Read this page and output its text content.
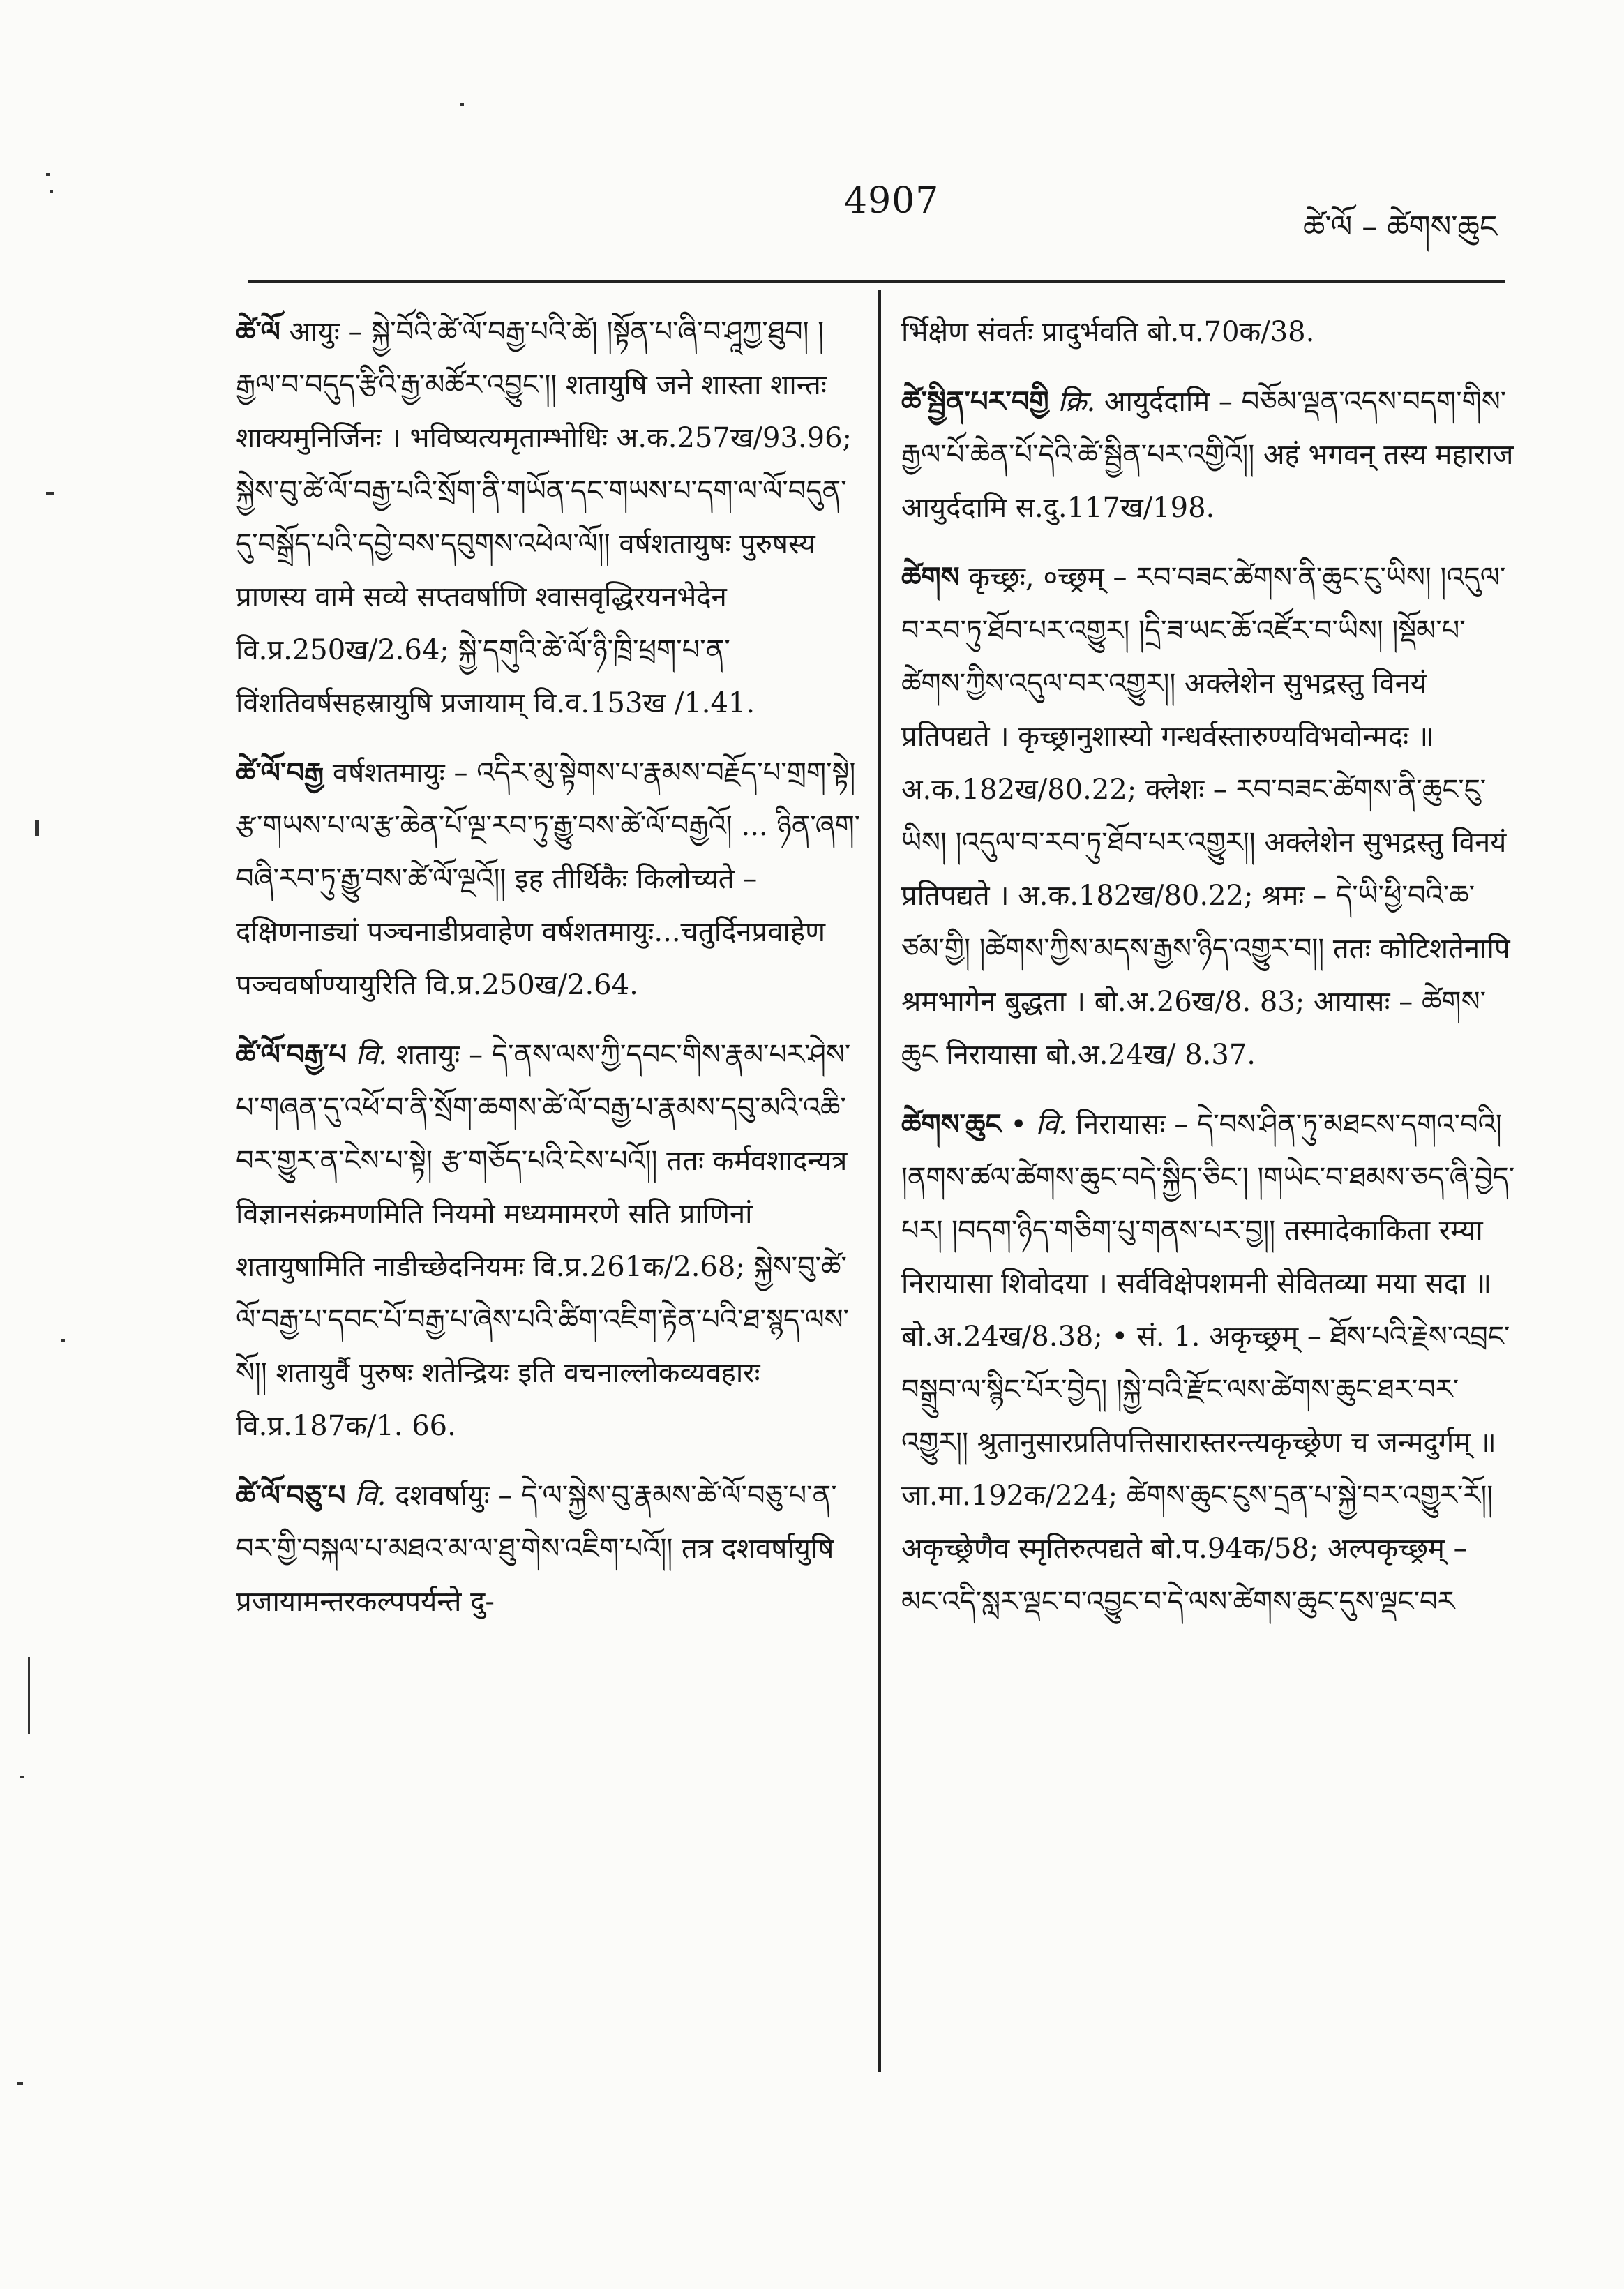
4907
ཚེ་ལོ – ཚེགས་ཆུང

ཚེ་ལོ आयुः – སྐྱེ་བོའི་ཚེ་ལོ་བརྒྱ་པའི་ཚེ། །སྟོན་པ་ཞི་བ་ཤཱཀྱ་ཐུབ། །རྒྱལ་བ་བདུད་རྩིའི་རྒྱ་མཚོར་འབྱུང་།། शतायुषि जने शास्ता शान्तः शाक्यमुनिर्जिनः । भविष्यत्यमृताम्भोधिः अ.क.257ख/93.96; སྐྱེས་བུ་ཚེ་ལོ་བརྒྱ་པའི་སྲོག་ནི་གཡོན་དང་གཡས་པ་དག་ལ་ལོ་བདུན་དུ་བསྒྲོད་པའི་དབྱེ་བས་དབུགས་འཕེལ་ལོ།། वर्षशतायुषः पुरुषस्य प्राणस्य वामे सव्ये सप्तवर्षाणि श्वासवृद्धिरयनभेदेन वि.प्र.250ख/2.64; སྐྱེ་དགུའི་ཚེ་ལོ་ཉི་ཁྲི་ཕྲག་པ་ན་ विंशतिवर्षसहस्रायुषि प्रजायाम् वि.व.153ख /1.41.

ཚེ་ལོ་བརྒྱ वर्षशतमायुः – འདིར་མུ་སྟེགས་པ་རྣམས་བརྗོད་པ་གྲག་སྟེ། རྩ་གཡས་པ་ལ་རྩ་ཆེན་པོ་ལྔ་རབ་ཏུ་རྒྱུ་བས་ཚེ་ལོ་བརྒྱའོ། ... ཉིན་ཞག་བཞི་རབ་ཏུ་རྒྱུ་བས་ཚེ་ལོ་ལྔའོ།། इह तीर्थिकैः किलोच्यते – दक्षिणनाड्यां पञ्चनाडीप्रवाहेण वर्षशतमायुः...चतुर्दिनप्रवाहेण पञ्चवर्षाण्यायुरिति वि.प्र.250ख/2.64.

ཚེ་ལོ་བརྒྱ་པ वि. शतायुः – དེ་ནས་ལས་ཀྱི་དབང་གིས་རྣམ་པར་ཤེས་པ་གཞན་དུ་འཕོ་བ་ནི་སྲོག་ཆགས་ཚེ་ལོ་བརྒྱ་པ་རྣམས་དབུ་མའི་འཆི་བར་གྱུར་ན་ངེས་པ་སྟེ། རྩ་གཅོད་པའི་ངེས་པའོ།། ततः कर्मवशादन्यत्र विज्ञानसंक्रमणमिति नियमो मध्यमामरणे सति प्राणिनां शतायुषामिति नाडीच्छेदनियमः वि.प्र.261क/2.68; སྐྱེས་བུ་ཚེ་ལོ་བརྒྱ་པ་དབང་པོ་བརྒྱ་པ་ཞེས་པའི་ཚིག་འཇིག་རྟེན་པའི་ཐ་སྙད་ལས་སོ།། शतायुर्वै पुरुषः शतेन्द्रियः इति वचनाल्लोकव्यवहारः वि.प्र.187क/1. 66.

ཚེ་ལོ་བཅུ་པ वि. दशवर्षायुः – དེ་ལ་སྐྱེས་བུ་རྣམས་ཚེ་ལོ་བཅུ་པ་ན་བར་གྱི་བསྐལ་པ་མཐའ་མ་ལ་ཐུ་གེས་འཇིག་པའོ།། तत्र दशवर्षायुषि प्रजायामन्तरकल्पपर्यन्ते दु-

र्भिक्षेण संवर्तः प्रादुर्भवति बो.प.70क/38.

ཚེ་སྦྱིན་པར་བགྱི क्रि. आयुर्ददामि – བཅོམ་ལྡན་འདས་བདག་གིས་རྒྱལ་པོ་ཆེན་པོ་དེའི་ཚེ་སྦྱིན་པར་འགྱིའོ།། अहं भगवन् तस्य महाराज आयुर्ददामि स.दु.117ख/198.

ཚེགས कृच्छ्रः, ०च्छ्रम् – རབ་བཟང་ཚེགས་ནི་ཆུང་ངུ་ཡིས། །འདུལ་བ་རབ་ཏུ་ཐོབ་པར་འགྱུར། །དྲི་ཟ་ཡང་ཆོ་འཛོར་བ་ཡིས། །སྡོམ་པ་ཚེགས་ཀྱིས་འདུལ་བར་འགྱུར།། अक्लेशेन सुभद्रस्तु विनयं प्रतिपद्यते । कृच्छ्रानुशास्यो गन्धर्वस्तारुण्यविभवोन्मदः ॥ अ.क.182ख/80.22; क्लेशः – རབ་བཟང་ཚེགས་ནི་ཆུང་ངུ་ཡིས། །འདུལ་བ་རབ་ཏུ་ཐོབ་པར་འགྱུར།། अक्लेशेन सुभद्रस्तु विनयं प्रतिपद्यते । अ.क.182ख/80.22; श्रमः – དེ་ཡི་ཕྱི་བའི་ཆ་ཙམ་གྱི། །ཚེགས་ཀྱིས་མདས་རྒྱས་ཉིད་འགྱུར་བ།། ततः कोटिशतेनापि श्रमभागेन बुद्धता । बो.अ.26ख/8. 83; आयासः – ཚེགས་ཆུང निरायासा बो.अ.24ख/ 8.37.

ཚེགས་ཆུང • वि. निरायासः – དེ་བས་ཤིན་ཏུ་མཐངས་དགའ་བའི། །ནགས་ཚལ་ཚེགས་ཆུང་བདེ་སྐྱིད་ཅིང་། །གཡེང་བ་ཐམས་ཅད་ཞི་བྱེད་པར། །བདག་ཉིད་གཅིག་པུ་གནས་པར་བྱ།། तस्मादेकाकिता रम्या निरायासा शिवोदया । सर्वविक्षेपशमनी सेवितव्या मया सदा ॥ बो.अ.24ख/8.38; • सं. 1. अकृच्छ्रम् – ཐོས་པའི་རྗེས་འབྲང་བསྒྲུབ་ལ་སྙིང་པོར་བྱེད། །སྐྱེ་བའི་རྫོང་ལས་ཚེགས་ཆུང་ཐར་བར་འགྱུར།། श्रुतानुसारप्रतिपत्तिसारास्तरन्त्यकृच्छ्रेण च जन्मदुर्गम् ॥ जा.मा.192क/224; ཚེགས་ཆུང་ངུས་དྲན་པ་སྐྱེ་བར་འགྱུར་རོ།། अकृच्छ्रेणैव स्मृतिरुत्पद्यते बो.प.94क/58; अल्पकृच्छ्रम् – མང་འདི་སླར་ལྡང་བ་འབྱུང་བ་དེ་ལས་ཚེགས་ཆུང་དུས་ལྡང་བར
